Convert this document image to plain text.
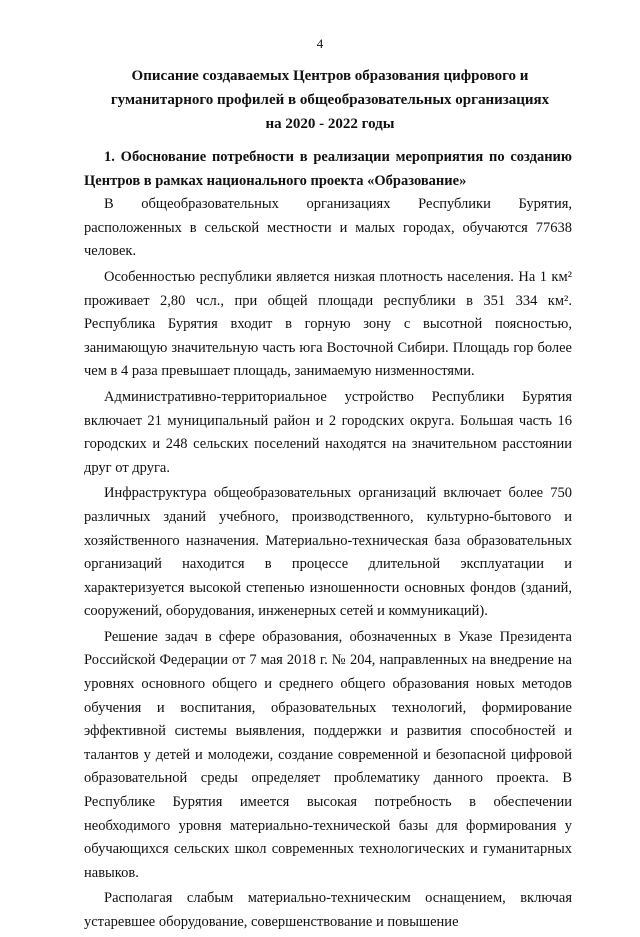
4
Описание создаваемых Центров образования цифрового и
гуманитарного профилей в общеобразовательных организациях
на 2020 - 2022 годы

1. Обоснование потребности в реализации мероприятия по созданию Центров в рамках национального проекта «Образование»

В общеобразовательных организациях Республики Бурятия, расположенных в сельской местности и малых городах, обучаются 77638 человек.

Особенностью республики является низкая плотность населения. На 1 км² проживает 2,80 чсл., при общей площади республики в 351 334 км². Республика Бурятия входит в горную зону с высотной поясностью, занимающую значительную часть юга Восточной Сибири. Площадь гор более чем в 4 раза превышает площадь, занимаемую низменностями.

Административно-территориальное устройство Республики Бурятия включает 21 муниципальный район и 2 городских округа. Большая часть 16 городских и 248 сельских поселений находятся на значительном расстоянии друг от друга.

Инфраструктура общеобразовательных организаций включает более 750 различных зданий учебного, производственного, культурно-бытового и хозяйственного назначения. Материально-техническая база образовательных организаций находится в процессе длительной эксплуатации и характеризуется высокой степенью изношенности основных фондов (зданий, сооружений, оборудования, инженерных сетей и коммуникаций).

Решение задач в сфере образования, обозначенных в Указе Президента Российской Федерации от 7 мая 2018 г. № 204, направленных на внедрение на уровнях основного общего и среднего общего образования новых методов обучения и воспитания, образовательных технологий, формирование эффективной системы выявления, поддержки и развития способностей и талантов у детей и молодежи, создание современной и безопасной цифровой образовательной среды определяет проблематику данного проекта. В Республике Бурятия имеется высокая потребность в обеспечении необходимого уровня материально-технической базы для формирования у обучающихся сельских школ современных технологических и гуманитарных навыков.

Располагая слабым материально-техническим оснащением, включая устаревшее оборудование, совершенствование и повышение
